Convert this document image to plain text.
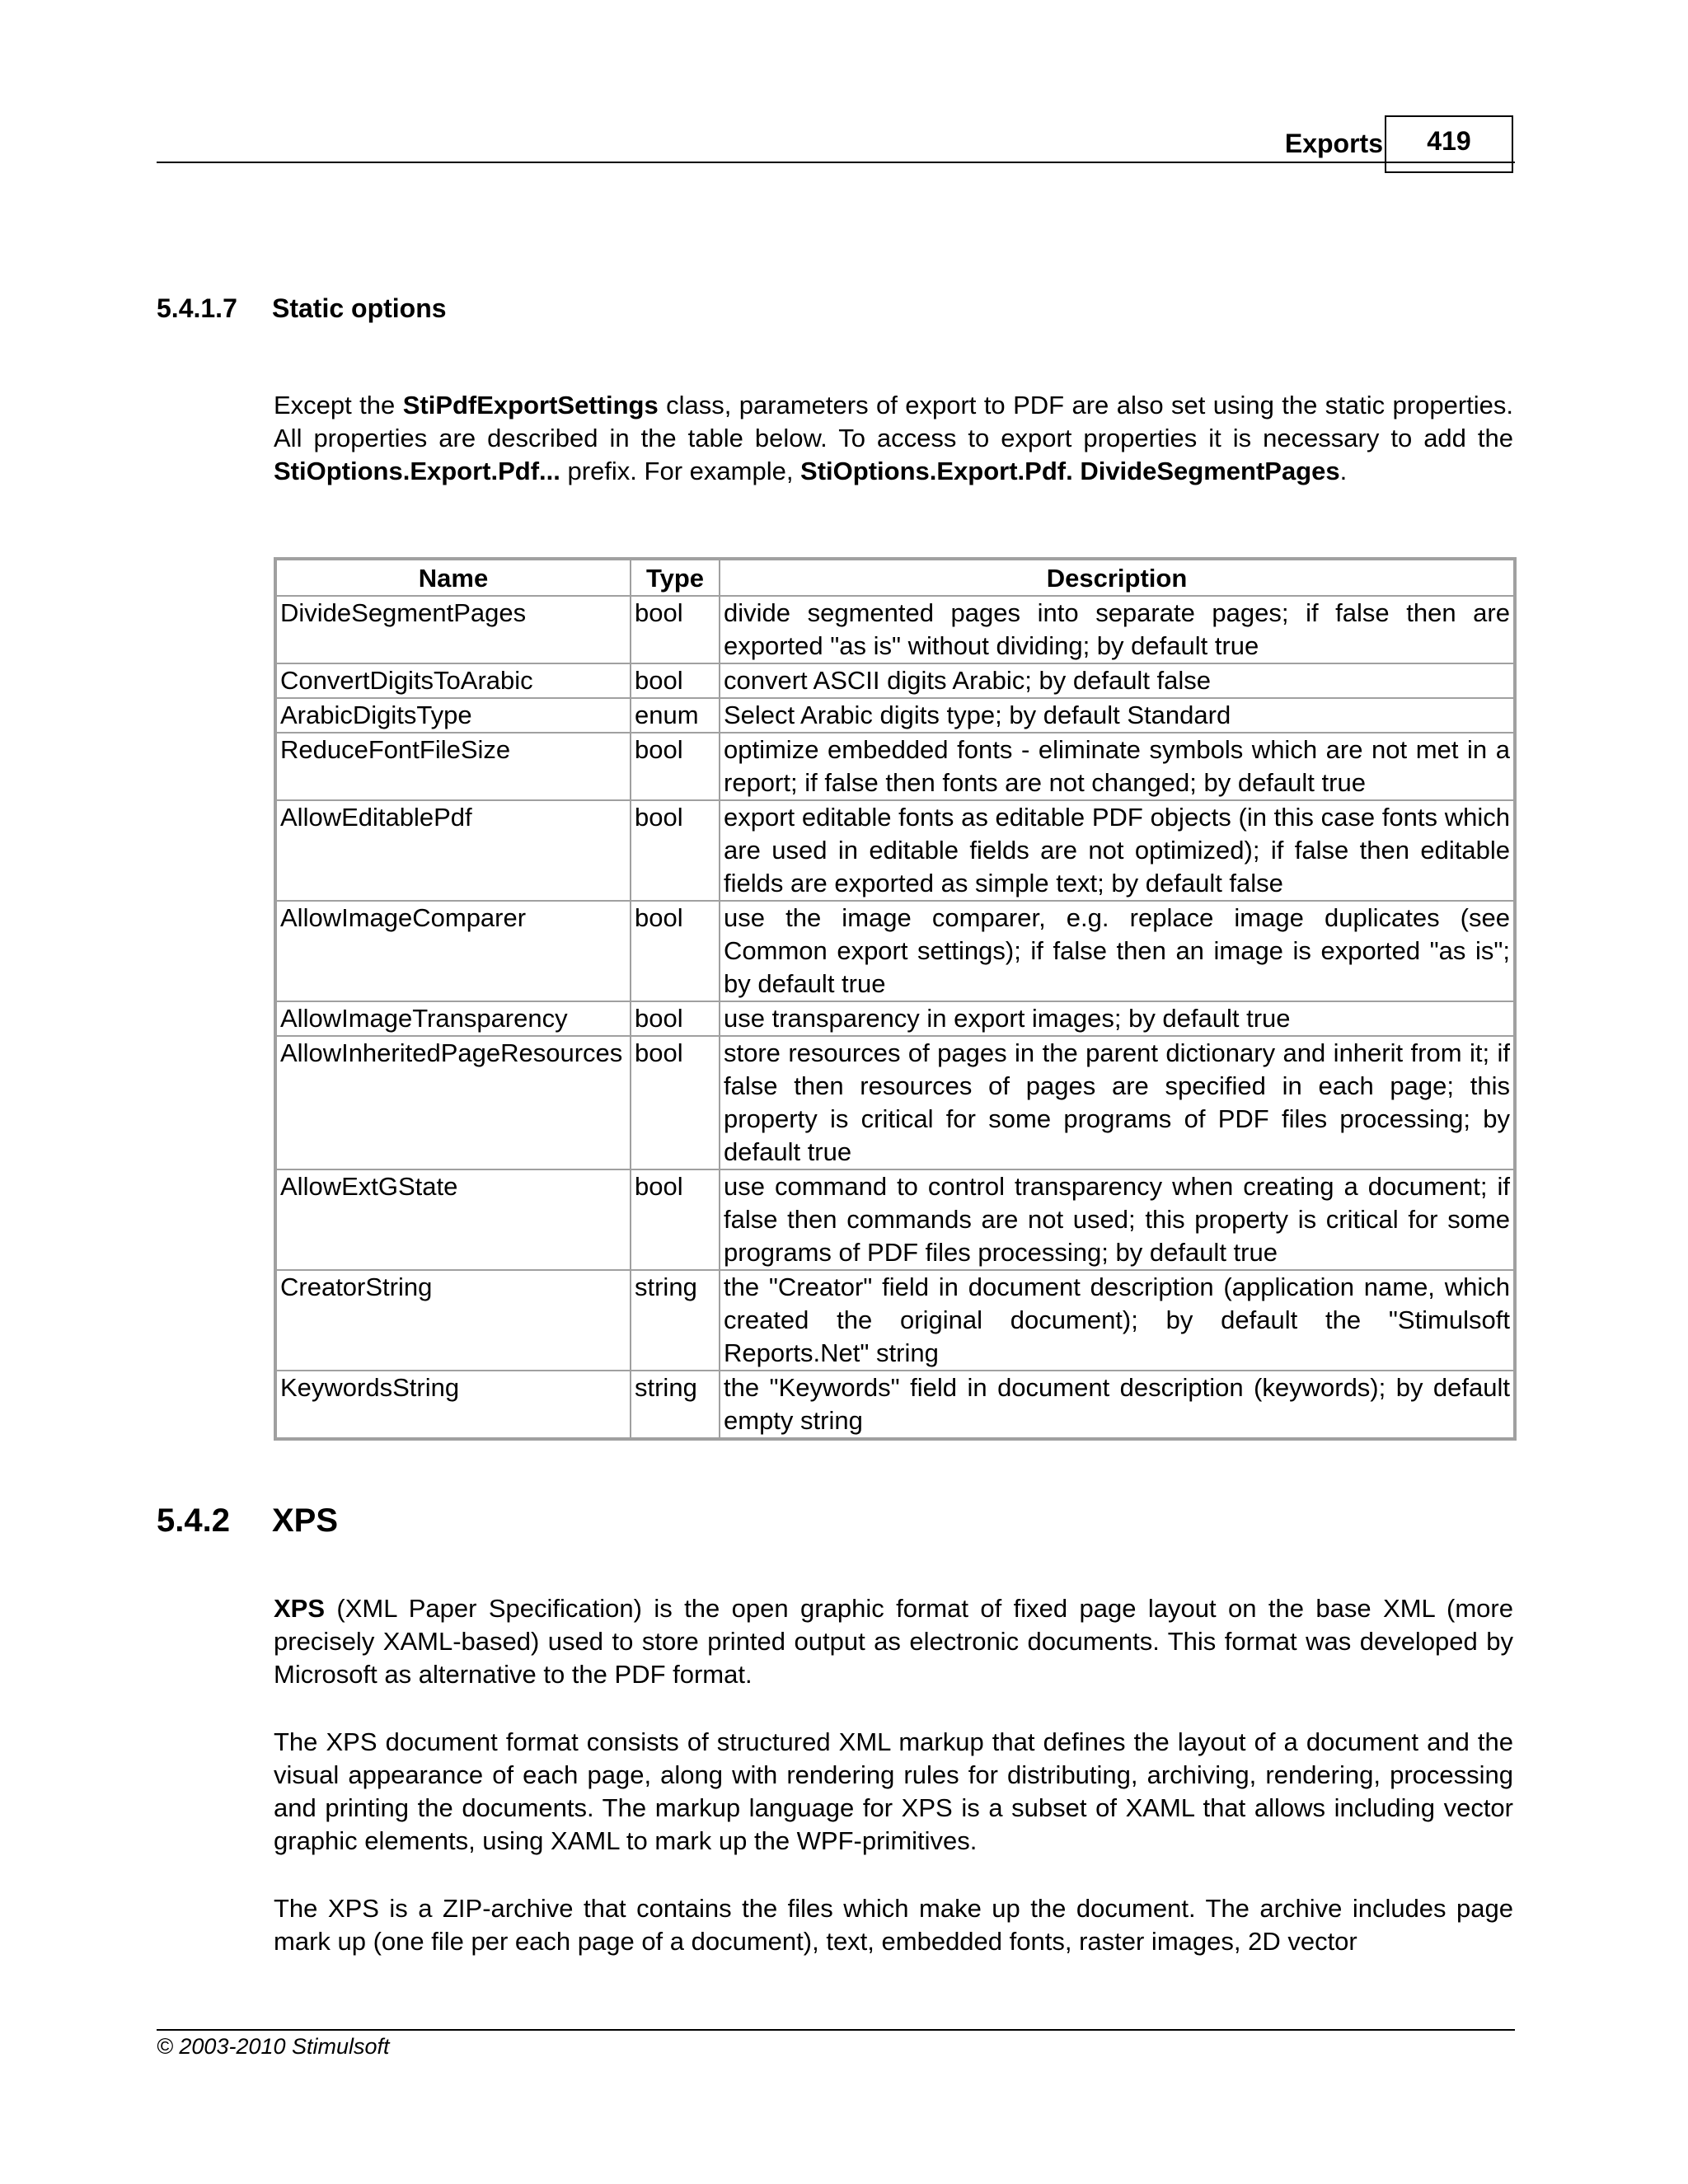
Exports	419
5.4.1.7 Static options
Except the StiPdfExportSettings class, parameters of export to PDF are also set using the static properties. All properties are described in the table below. To access to export properties it is necessary to add the StiOptions.Export.Pdf... prefix. For example, StiOptions.Export.Pdf. DivideSegmentPages.
Name	Type	Description
DivideSegmentPages	bool	divide segmented pages into separate pages; if false then are exported "as is" without dividing; by default true
ConvertDigitsToArabic	bool	convert ASCII digits Arabic; by default false
ArabicDigitsType	enum	Select Arabic digits type; by default Standard
ReduceFontFileSize	bool	optimize embedded fonts - eliminate symbols which are not met in a report; if false then fonts are not changed; by default true
AllowEditablePdf	bool	export editable fonts as editable PDF objects (in this case fonts which are used in editable fields are not optimized); if false then editable fields are exported as simple text; by default false
AllowImageComparer	bool	use the image comparer, e.g. replace image duplicates (see Common export settings); if false then an image is exported "as is"; by default true
AllowImageTransparency	bool	use transparency in export images; by default true
AllowInheritedPageResources	bool	store resources of pages in the parent dictionary and inherit from it; if false then resources of pages are specified in each page; this property is critical for some programs of PDF files processing; by default true
AllowExtGState	bool	use command to control transparency when creating a document; if false then commands are not used; this property is critical for some programs of PDF files processing; by default true
CreatorString	string	the "Creator" field in document description (application name, which created the original document); by default the "Stimulsoft Reports.Net" string
KeywordsString	string	the "Keywords" field in document description (keywords); by default empty string
5.4.2 XPS
XPS (XML Paper Specification) is the open graphic format of fixed page layout on the base XML (more precisely XAML-based) used to store printed output as electronic documents. This format was developed by Microsoft as alternative to the PDF format.
The XPS document format consists of structured XML markup that defines the layout of a document and the visual appearance of each page, along with rendering rules for distributing, archiving, rendering, processing and printing the documents. The markup language for XPS is a subset of XAML that allows including vector graphic elements, using XAML to mark up the WPF-primitives.
The XPS is a ZIP-archive that contains the files which make up the document. The archive includes page mark up (one file per each page of a document), text, embedded fonts, raster images, 2D vector
© 2003-2010 Stimulsoft
